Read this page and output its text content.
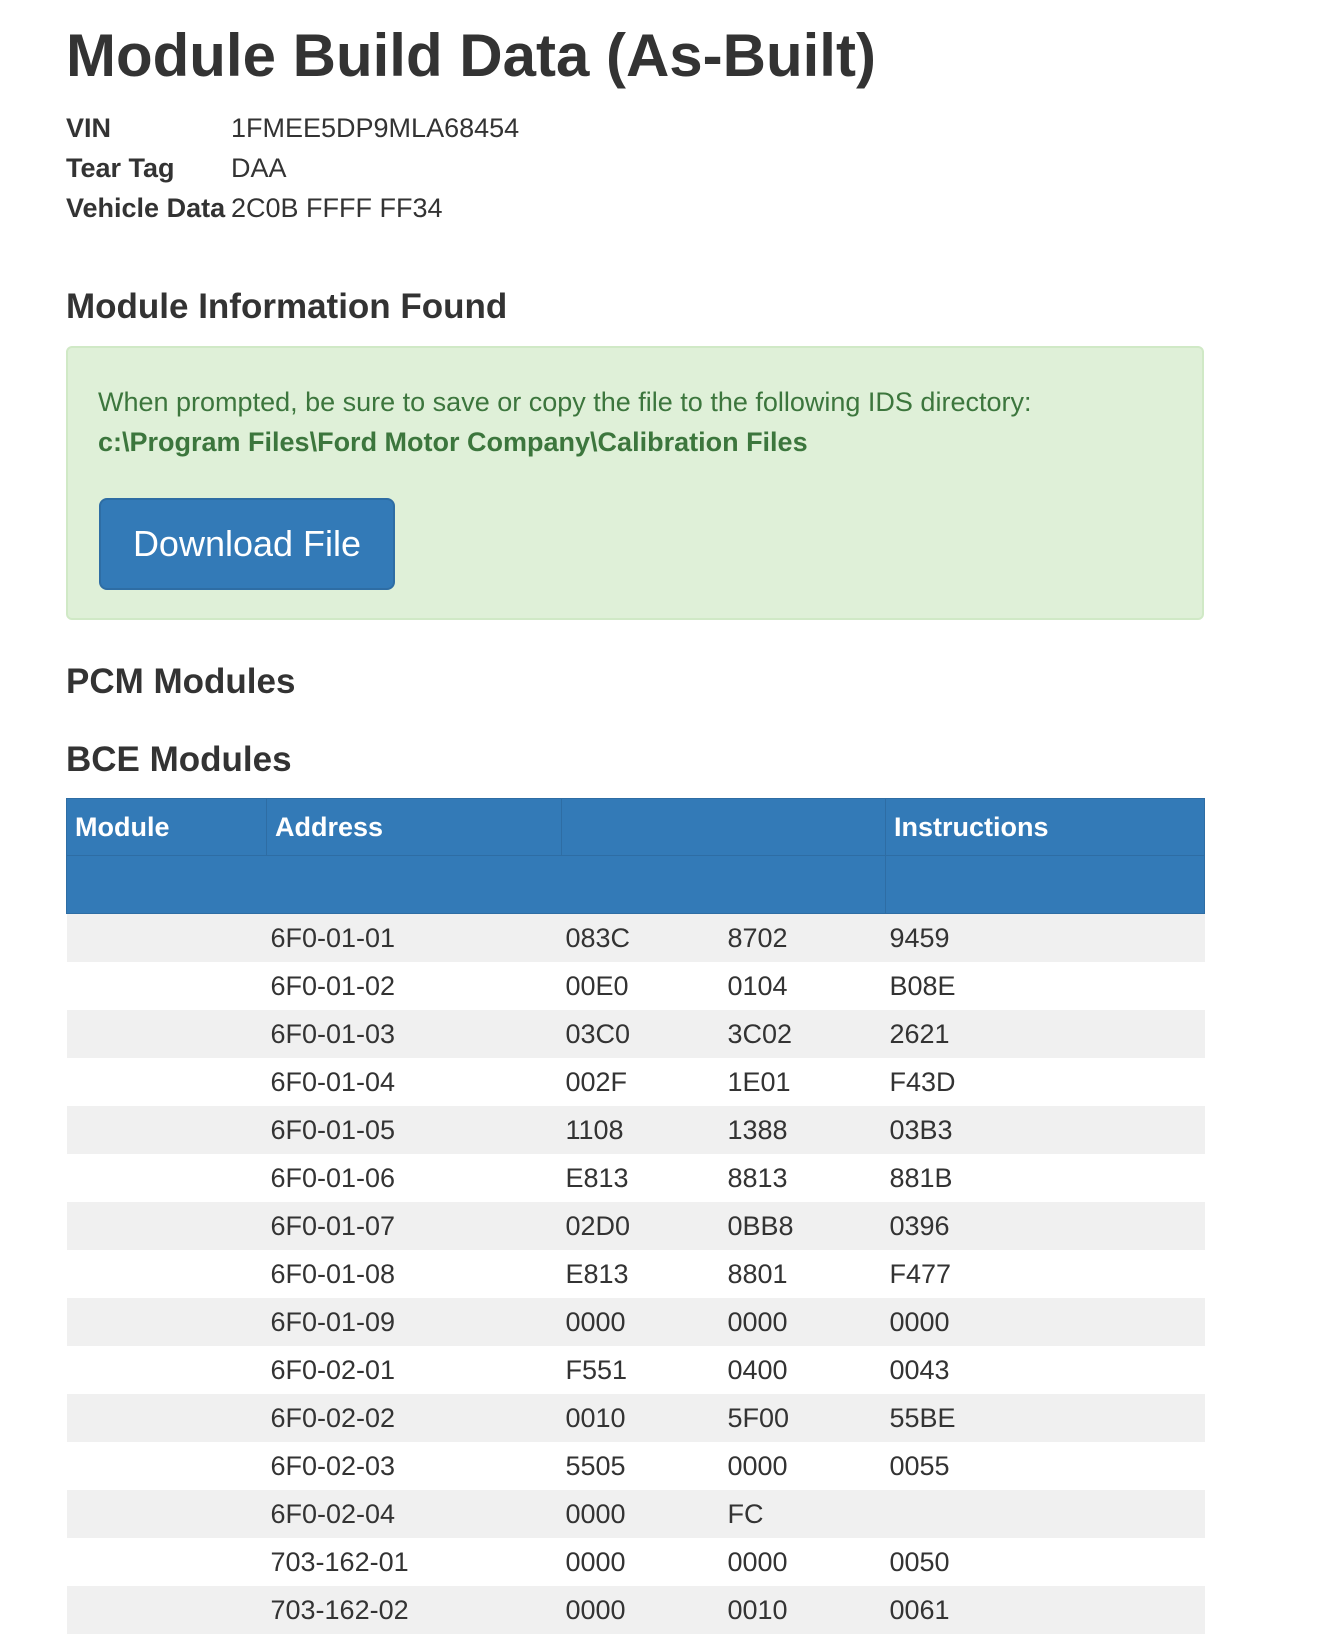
Module Build Data (As-Built)
VIN	1FMEE5DP9MLA68454
Tear Tag	DAA
Vehicle Data 2C0B FFFF FF34
Module Information Found
When prompted, be sure to save or copy the file to the following IDS directory:
c:\Program Files\Ford Motor Company\Calibration Files
Download File
PCM Modules
BCE Modules
Module	Address			Instructions

	6F0-01-01	083C	8702	9459
	6F0-01-02	00E0	0104	B08E
	6F0-01-03	03C0	3C02	2621
	6F0-01-04	002F	1E01	F43D
	6F0-01-05	1108	1388	03B3
	6F0-01-06	E813	8813	881B
	6F0-01-07	02D0	0BB8	0396
	6F0-01-08	E813	8801	F477
	6F0-01-09	0000	0000	0000
	6F0-02-01	F551	0400	0043
	6F0-02-02	0010	5F00	55BE
	6F0-02-03	5505	0000	0055
	6F0-02-04	0000	FC	
	703-162-01	0000	0000	0050
	703-162-02	0000	0010	0061
